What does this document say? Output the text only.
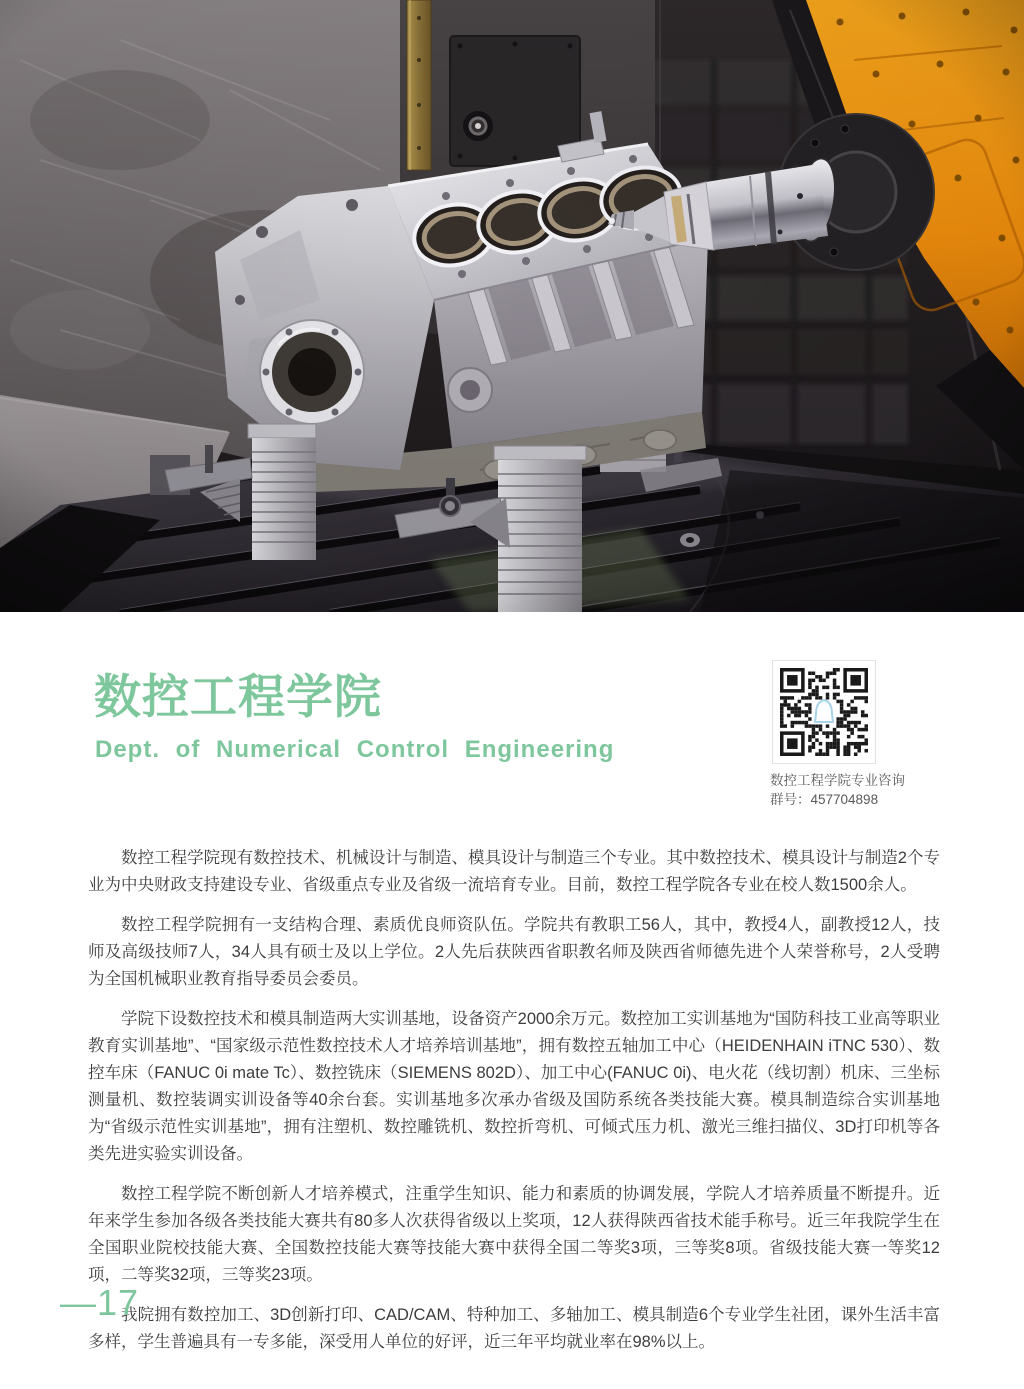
数控工程学院
Dept. of Numerical Control Engineering
数控工程学院专业咨询
群号：457704898

数控工程学院现有数控技术、机械设计与制造、模具设计与制造三个专业。其中数控技术、模具设计与制造2个专业为中央财政支持建设专业、省级重点专业及省级一流培育专业。目前，数控工程学院各专业在校人数1500余人。

数控工程学院拥有一支结构合理、素质优良师资队伍。学院共有教职工56人，其中，教授4人，副教授12人，技师及高级技师7人，34人具有硕士及以上学位。2人先后获陕西省职教名师及陕西省师德先进个人荣誉称号，2人受聘为全国机械职业教育指导委员会委员。

学院下设数控技术和模具制造两大实训基地，设备资产2000余万元。数控加工实训基地为“国防科技工业高等职业教育实训基地”、“国家级示范性数控技术人才培养培训基地”，拥有数控五轴加工中心（HEIDENHAIN iTNC 530）、数控车床（FANUC 0i mate Tc）、数控铣床（SIEMENS 802D）、加工中心(FANUC 0i)、电火花（线切割）机床、三坐标测量机、数控装调实训设备等40余台套。实训基地多次承办省级及国防系统各类技能大赛。模具制造综合实训基地为“省级示范性实训基地”，拥有注塑机、数控雕铣机、数控折弯机、可倾式压力机、激光三维扫描仪、3D打印机等各类先进实验实训设备。

数控工程学院不断创新人才培养模式，注重学生知识、能力和素质的协调发展，学院人才培养质量不断提升。近年来学生参加各级各类技能大赛共有80多人次获得省级以上奖项，12人获得陕西省技术能手称号。近三年我院学生在全国职业院校技能大赛、全国数控技能大赛等技能大赛中获得全国二等奖3项，三等奖8项。省级技能大赛一等奖12项，二等奖32项，三等奖23项。

我院拥有数控加工、3D创新打印、CAD/CAM、特种加工、多轴加工、模具制造6个专业学生社团，课外生活丰富多样，学生普遍具有一专多能，深受用人单位的好评，近三年平均就业率在98%以上。

—17
